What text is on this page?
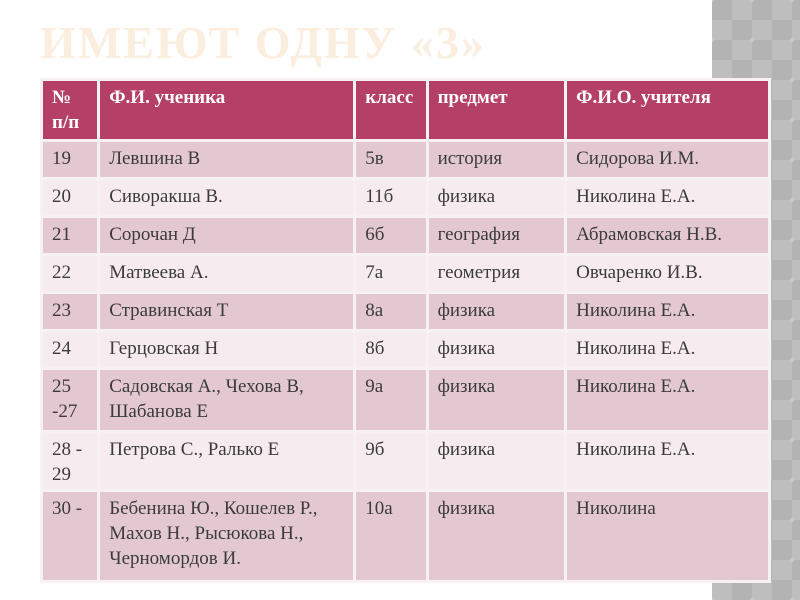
ИМЕЮТ ОДНУ «3»
№ п/п	Ф.И. ученика	класс	предмет	Ф.И.О. учителя
19	Левшина В	5в	история	Сидорова И.М.
20	Сиворакша В.	11б	физика	Николина Е.А.
21	Сорочан Д	6б	география	Абрамовская Н.В.
22	Матвеева А.	7а	геометрия	Овчаренко И.В.
23	Стравинская Т	8а	физика	Николина Е.А.
24	Герцовская Н	8б	физика	Николина Е.А.
25 -27	Садовская А., Чехова В, Шабанова Е	9а	физика	Николина Е.А.
28 - 29	Петрова С., Ралько Е	9б	физика	Николина Е.А.
30 -	Бебенина Ю., Кошелев Р., Махов Н., Рысюкова Н., Черномордов И.	10а	физика	Николина
